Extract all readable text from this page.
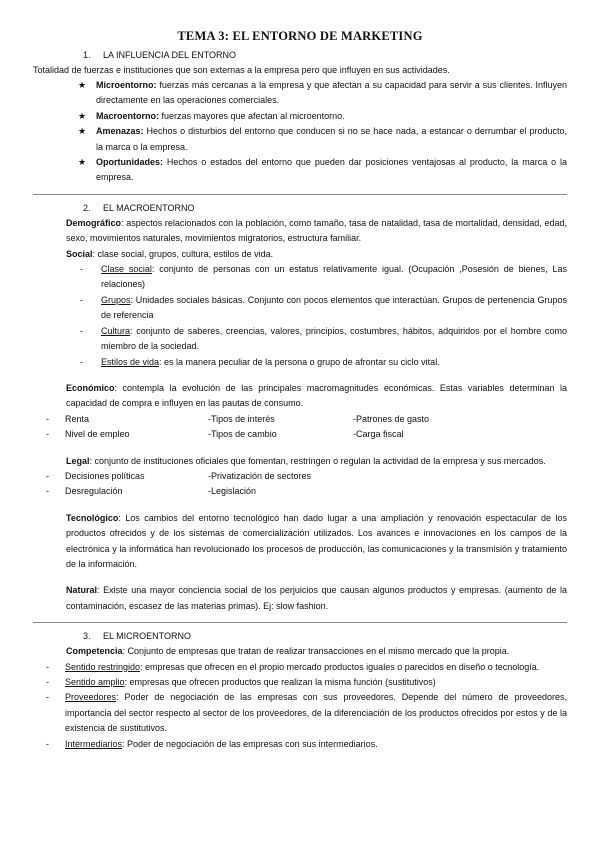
TEMA 3: EL ENTORNO DE MARKETING
1. LA INFLUENCIA DEL ENTORNO
Totalidad de fuerzas e instituciones que son externas a la empresa pero que influyen en sus actividades.
★ Microentorno: fuerzas más cercanas a la empresa y que afectan a su capacidad para servir a sus clientes. Influyen directamente en las operaciones comerciales.
★ Macroentorno: fuerzas mayores que afectan al microentorno.
★ Amenazas: Hechos o disturbios del entorno que conducen si no se hace nada, a estancar o derrumbar el producto, la marca o la empresa.
★ Oportunidades: Hechos o estados del entorno que pueden dar posiciones ventajosas al producto, la marca o la empresa.
2. EL MACROENTORNO
Demográfico: aspectos relacionados con la población, como tamaño, tasa de natalidad, tasa de mortalidad, densidad, edad, sexo, movimientos naturales, movimientos migratorios, estructura familiar.
Social: clase social, grupos, cultura, estilos de vida.
- Clase social: conjunto de personas con un estatus relativamente igual. (Ocupación ,Posesión de bienes, Las relaciones)
- Grupos: Unidades sociales básicas. Conjunto con pocos elementos que interactúan. Grupos de pertenencia Grupos de referencia
- Cultura: conjunto de saberes, creencias, valores, principios, costumbres, hábitos, adquiridos por el hombre como miembro de la sociedad.
- Estilos de vida: es la manera peculiar de la persona o grupo de afrontar su ciclo vital.
Económico: contempla la evolución de las principales macromagnitudes económicas. Estas variables determinan la capacidad de compra e influyen en las pautas de consumo.
- Renta	-Tipos de interés	-Patrones de gasto
- Nivel de empleo	-Tipos de cambio	-Carga fiscal
Legal: conjunto de instituciones oficiales que fomentan, restringen o regulan la actividad de la empresa y sus mercados.
- Decisiones políticas	-Privatización de sectores
- Desregulación	-Legislación
Tecnológico: Los cambios del entorno tecnológico han dado lugar a una ampliación y renovación espectacular de los productos ofrecidos y de los sistemas de comercialización utilizados. Los avances e innovaciones en los campos de la electrónica y la informática han revolucionado los procesos de producción, las comunicaciones y la transmisión y tratamiento de la información.
Natural: Existe una mayor conciencia social de los perjuicios que causan algunos productos y empresas. (aumento de la contaminación, escasez de las materias primas). Ej: slow fashion.
3. EL MICROENTORNO
Competencia: Conjunto de empresas que tratan de realizar transacciones en el mismo mercado que la propia.
- Sentido restringido: empresas que ofrecen en el propio mercado productos iguales o parecidos en diseño o tecnología.
- Sentido amplio: empresas que ofrecen productos que realizan la misma función (sustitutivos)
- Proveedores: Poder de negociación de las empresas con sus proveedores. Depende del número de proveedores, importancia del sector respecto al sector de los proveedores, de la diferenciación de los productos ofrecidos por estos y de la existencia de sustitutivos.
- Intermediarios: Poder de negociación de las empresas con sus intermediarios.
